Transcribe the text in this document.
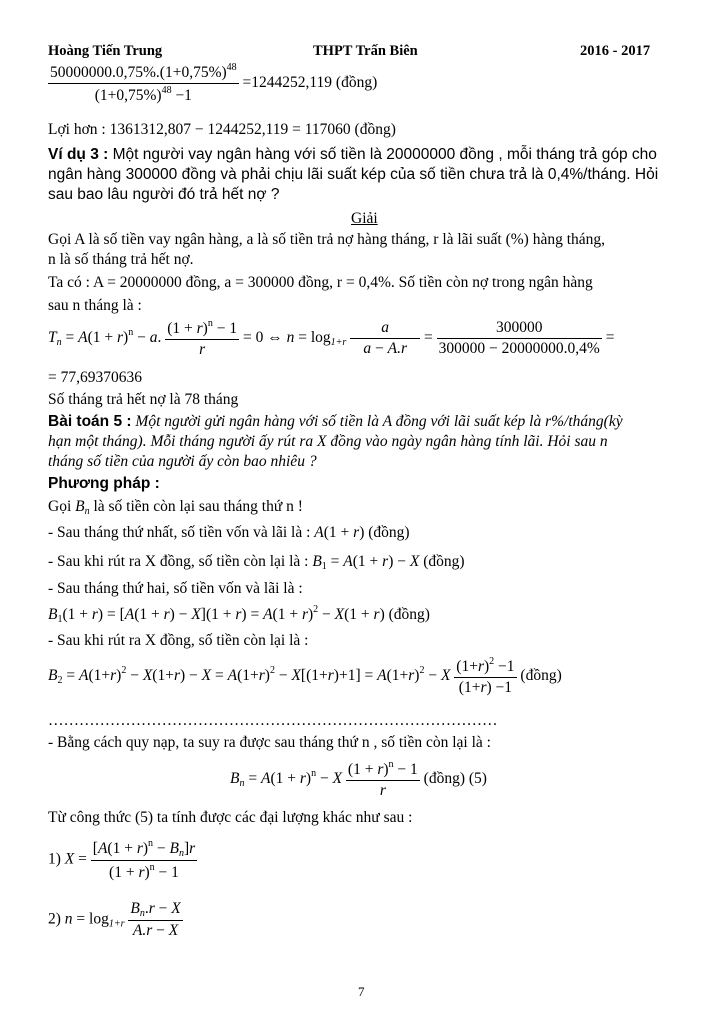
Hoàng Tiến Trung	THPT Trấn Biên	2016 - 2017
$\frac{50000000.0,75\%.(1+0,75\%)^{48}}{(1+0,75\%)^{48} -1} =1244252,119$ (đồng)
Lợi hơn : 1361312,807 − 1244252,119 = 117060 (đồng)
Ví dụ 3 : Một người vay ngân hàng với số tiền là 20000000 đồng , mỗi tháng trả góp cho
ngân hàng 300000 đồng và phải chịu lãi suất kép của số tiền chưa trả là 0,4%/tháng. Hỏi
sau bao lâu người đó trả hết nợ ?
Giải
Gọi A là số tiền vay ngân hàng, a là số tiền trả nợ hàng tháng, r là lãi suất (%) hàng tháng,
n là số tháng trả hết nợ.
Ta có : A = 20000000 đồng, a = 300000 đồng, r = 0,4%. Số tiền còn nợ trong ngân hàng
sau n tháng là :
$T_n = A(1 + r)^n - a$. $\frac{(1 + r)^n - 1}{r} = 0$ ⇔ $n = \log_{1+r} \frac{a}{a - A.r} = \frac{300000}{300000 - 20000000.0,4\%}$ =
= 77,69370636
Số tháng trả hết nợ là 78 tháng
Bài toán 5 : Một người gửi ngân hàng với số tiền là A đồng với lãi suất kép là r%/tháng(kỳ
hạn một tháng). Mỗi tháng người ấy rút ra X đồng vào ngày ngân hàng tính lãi. Hỏi sau n
tháng số tiền của người ấy còn bao nhiêu ?
Phương pháp :
Gọi $B_n$ là số tiền còn lại sau tháng thứ n !
- Sau tháng thứ nhất, số tiền vốn và lãi là : A(1 + r) (đồng)
- Sau khi rút ra X đồng, số tiền còn lại là : $B_1 = A(1 + r) - X$ (đồng)
- Sau tháng thứ hai, số tiền vốn và lãi là :
$B_1(1 + r) = [A(1 + r) - X](1 + r) = A(1 + r)^2 - X(1 + r)$ (đồng)
- Sau khi rút ra X đồng, số tiền còn lại là :
$B_2 = A(1+r)^2 - X(1+r) - X = A(1+r)^2 - X[(1+r)+1] = A(1+r)^2 - X \frac{(1+r)^2 -1}{(1+r) -1}$ (đồng)
……………………………………………………………………………
- Bằng cách quy nạp, ta suy ra được sau tháng thứ n , số tiền còn lại là :
$B_n = A(1 + r)^n - X \frac{(1 + r)^n - 1}{r}$ (đồng) (5)
Từ công thức (5) ta tính được các đại lượng khác như sau :
1) $X = \frac{[A(1 + r)^n - B_n]r}{(1 + r)^n - 1}$
2) $n = \log_{1+r} \frac{B_n.r - X}{A.r - X}$
7
